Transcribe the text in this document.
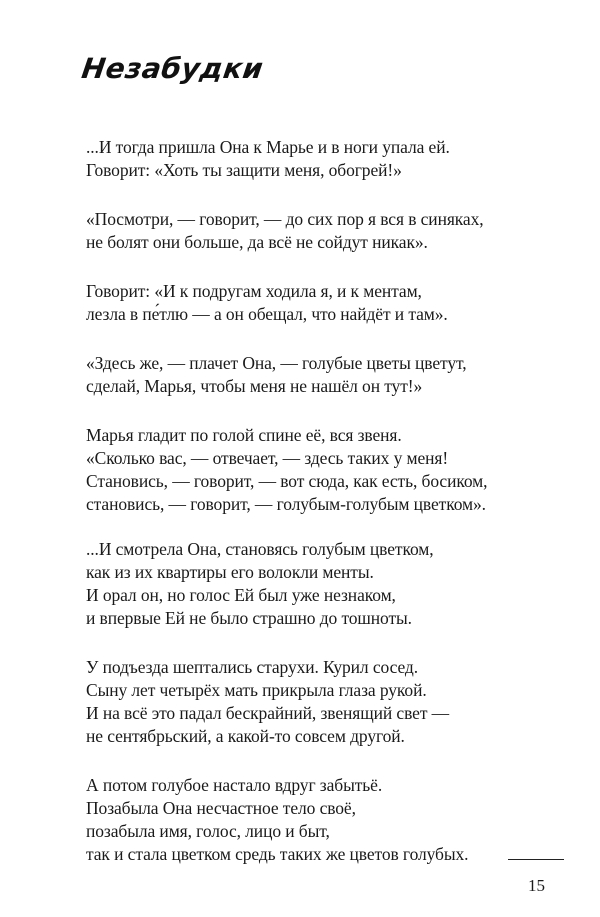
Незабудки
...И тогда пришла Она к Марье и в ноги упала ей.
Говорит: «Хоть ты защити меня, обогрей!»
«Посмотри, — говорит, — до сих пор я вся в синяках,
не болят они больше, да всё не сойдут никак».
Говорит: «И к подругам ходила я, и к ментам,
лезла в пе́тлю — а он обещал, что найдёт и там».
«Здесь же, — плачет Она, — голубые цветы цветут,
сделай, Марья, чтобы меня не нашёл он тут!»
Марья гладит по голой спине её, вся звеня.
«Сколько вас, — отвечает, — здесь таких у меня!
Становись, — говорит, — вот сюда, как есть, босиком,
становись, — говорит, — голубым-голубым цветком».
...И смотрела Она, становясь голубым цветком,
как из их квартиры его волокли менты.
И орал он, но голос Ей был уже незнаком,
и впервые Ей не было страшно до тошноты.
У подъезда шептались старухи. Курил сосед.
Сыну лет четырёх мать прикрыла глаза рукой.
И на всё это падал бескрайний, звенящий свет —
не сентябрьский, а какой-то совсем другой.
А потом голубое настало вдруг забытьё.
Позабыла Она несчастное тело своё,
позабыла имя, голос, лицо и быт,
так и стала цветком средь таких же цветов голубых.
15
